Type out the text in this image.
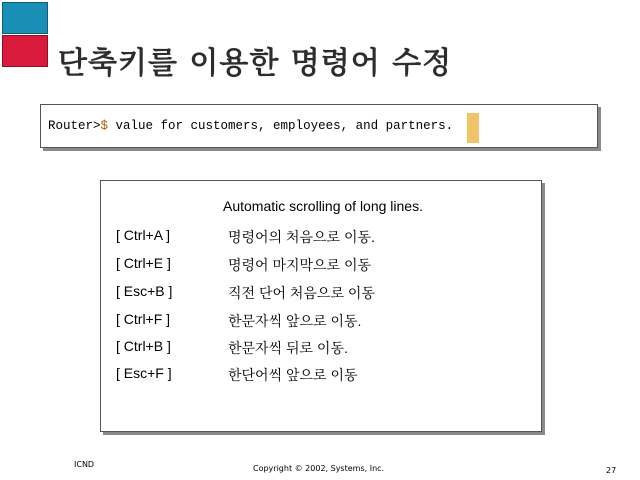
단축키를 이용한 명령어 수정
Router>$ value for customers, employees, and partners.
Automatic scrolling of long lines.
[ Ctrl+A ]	명령어의 처음으로 이동.
[ Ctrl+E ]	명령어 마지막으로 이동
[ Esc+B ]	직전 단어 처음으로 이동
[ Ctrl+F ]	한문자씩 앞으로 이동.
[ Ctrl+B ]	한문자씩 뒤로 이동.
[ Esc+F ]	한단어씩 앞으로 이동
ICND	Copyright © 2002, Systems, Inc.	27
